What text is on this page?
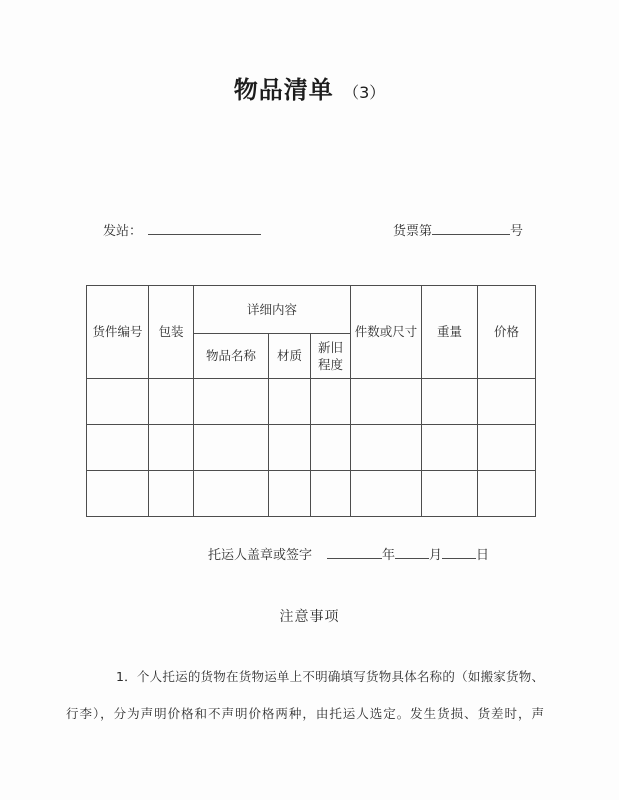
物品清单 （3）
发站：	货票第	号
货件编号	包装	详细内容			件数或尺寸	重量	价格
		物品名称	材质	新旧程度			

托运人盖章或签字	年	月	日
注意事项
1．个人托运的货物在货物运单上不明确填写货物具体名称的（如搬家货物、
行李），分为声明价格和不声明价格两种，由托运人选定。发生货损、货差时，声
